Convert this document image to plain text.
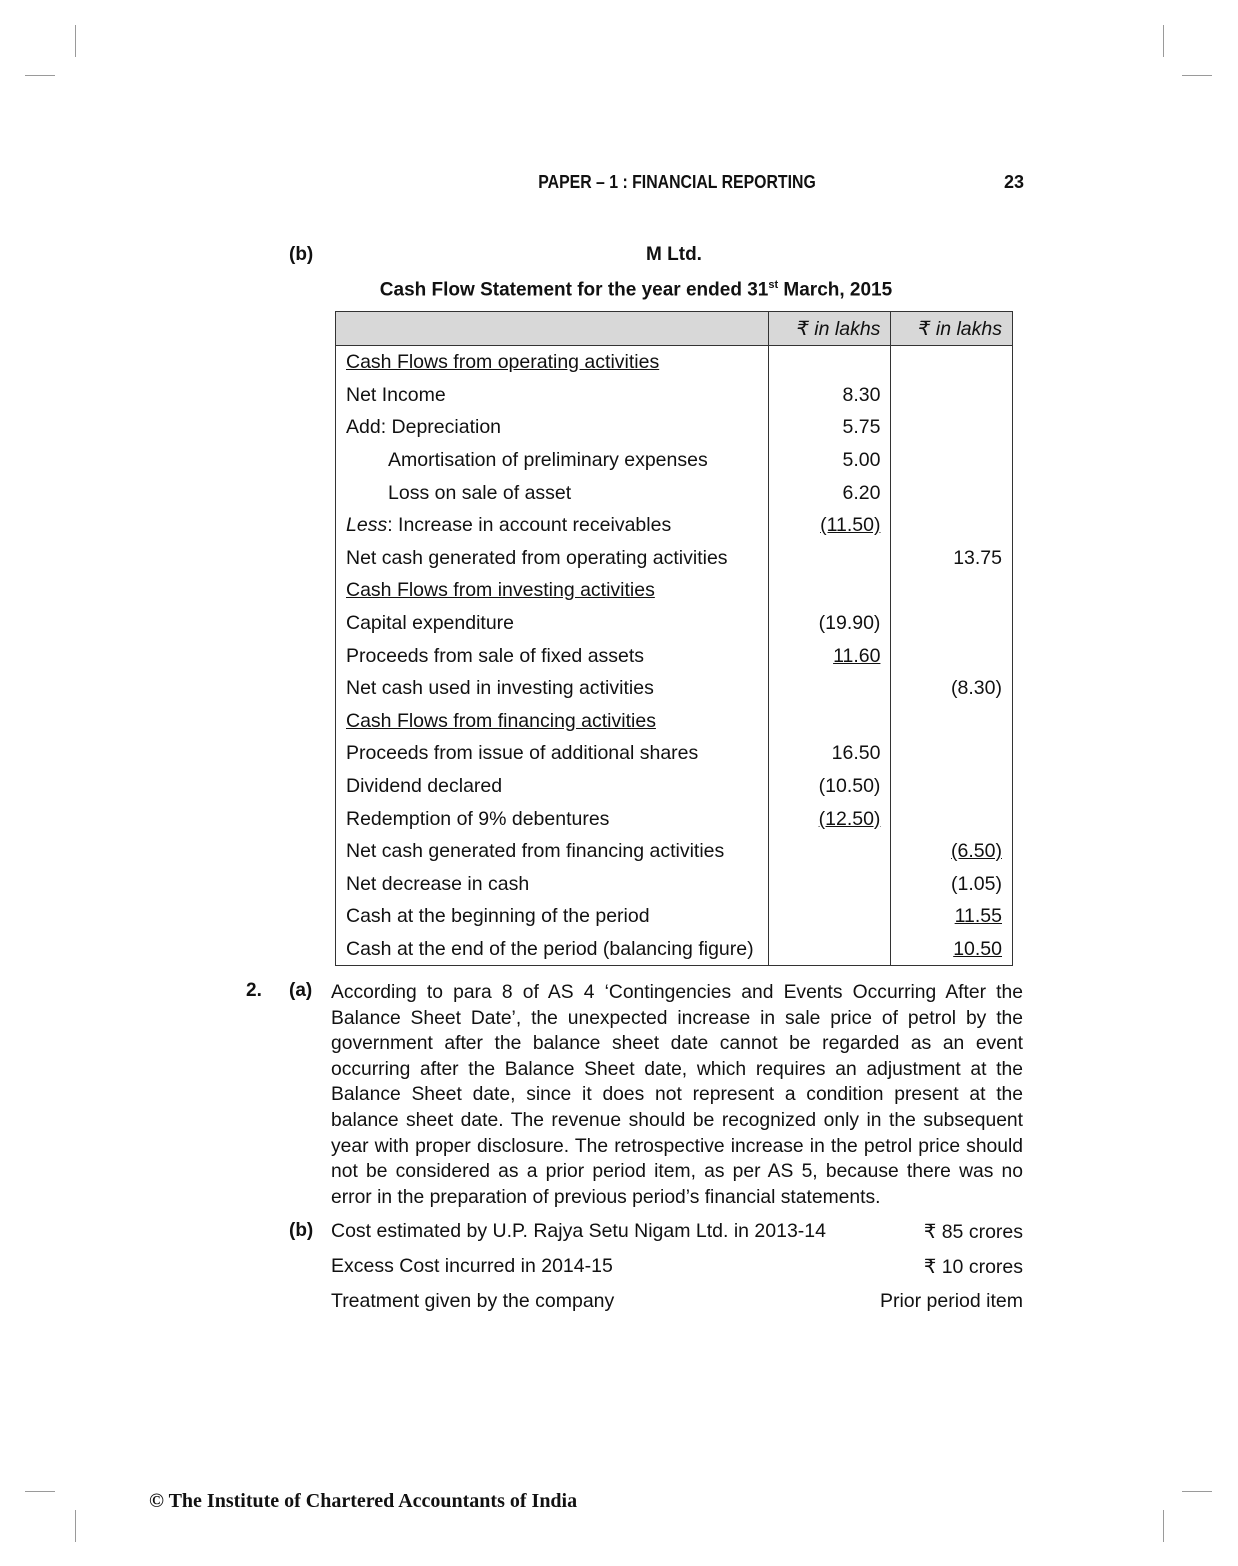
PAPER – 1 : FINANCIAL REPORTING	23
(b)	M Ltd.
Cash Flow Statement for the year ended 31st March, 2015
	₹ in lakhs	₹ in lakhs
Cash Flows from operating activities		
Net Income	8.30	
Add: Depreciation	5.75	
Amortisation of preliminary expenses	5.00	
Loss on sale of asset	6.20	
Less: Increase in account receivables	(11.50)	
Net cash generated from operating activities		13.75
Cash Flows from investing activities		
Capital expenditure	(19.90)	
Proceeds from sale of fixed assets	11.60	
Net cash used in investing activities		(8.30)
Cash Flows from financing activities		
Proceeds from issue of additional shares	16.50	
Dividend declared	(10.50)	
Redemption of 9% debentures	(12.50)	
Net cash generated from financing activities		(6.50)
Net decrease in cash		(1.05)
Cash at the beginning of the period		11.55
Cash at the end of the period (balancing figure)		10.50
2. (a) According to para 8 of AS 4 ‘Contingencies and Events Occurring After the Balance Sheet Date’, the unexpected increase in sale price of petrol by the government after the balance sheet date cannot be regarded as an event occurring after the Balance Sheet date, which requires an adjustment at the Balance Sheet date, since it does not represent a condition present at the balance sheet date. The revenue should be recognized only in the subsequent year with proper disclosure. The retrospective increase in the petrol price should not be considered as a prior period item, as per AS 5, because there was no error in the preparation of previous period’s financial statements.
(b) Cost estimated by U.P. Rajya Setu Nigam Ltd. in 2013-14	₹ 85 crores
Excess Cost incurred in 2014-15	₹ 10 crores
Treatment given by the company	Prior period item
© The Institute of Chartered Accountants of India
